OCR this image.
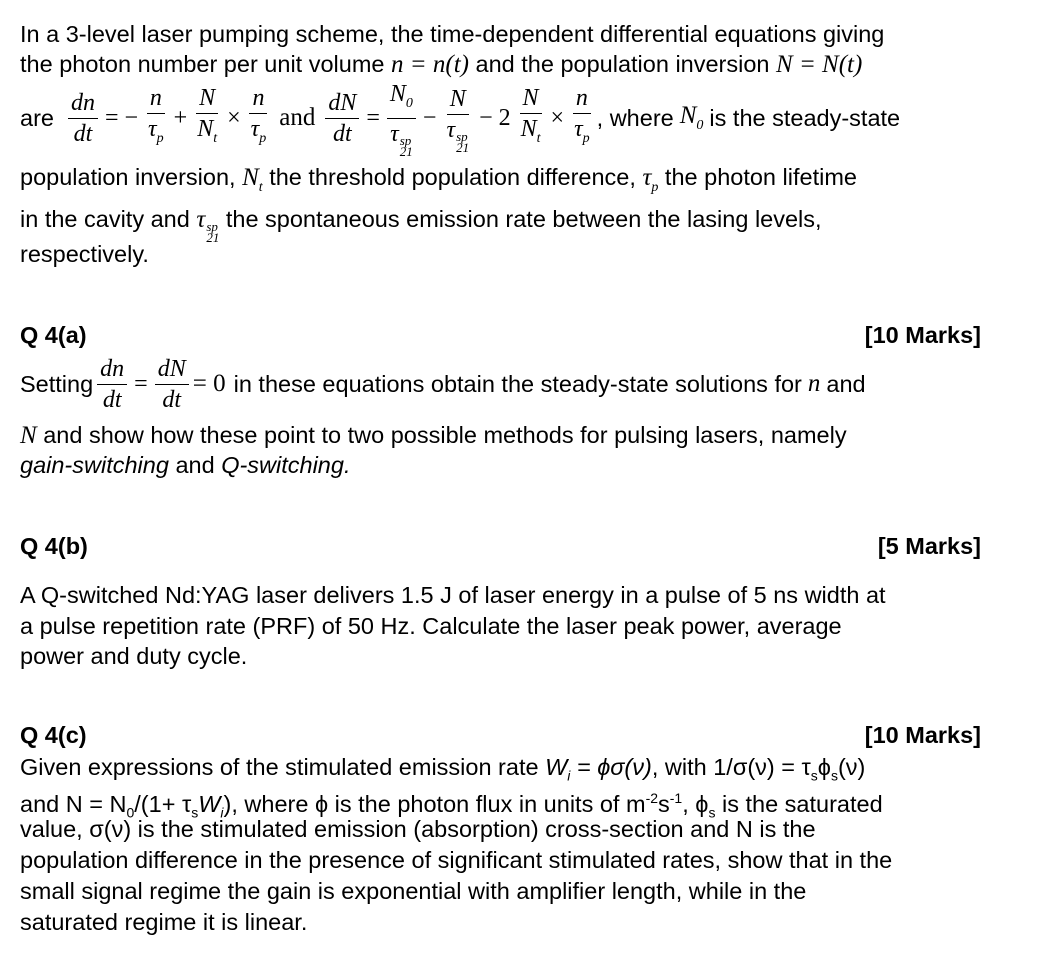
In a 3-level laser pumping scheme, the time-dependent differential equations giving
the photon number per unit volume n = n(t) and the population inversion N = N(t)
are $\frac{dn}{dt}$ = − $\frac{n}{\tau_p} + \frac{N}{N_t} \times \frac{n}{\tau_p}$ and $\frac{dN}{dt} = N_0$
τ sp
21 − N
τ sp
$21 - 2 \frac{N}{N_t} \times \frac{n}{\tau_p}$ , where $N_0$ is the steady-state
population inversion, $N_t$ the threshold population difference, $\tau_p$ the photon lifetime
in the cavity and τ sp
21
the spontaneous emission rate between the lasing levels,
respectively.
Q 4(a)	[10 Marks]
Setting $\frac{dn}{dt} = \frac{dN}{dt} = 0$ in these equations obtain the steady-state solutions for n and
N and show how these point to two possible methods for pulsing lasers, namely
gain-switching and Q-switching.
Q 4(b)	[5 Marks]
A Q-switched Nd:YAG laser delivers 1.5 J of laser energy in a pulse of 5 ns width at
a pulse repetition rate (PRF) of 50 Hz. Calculate the laser peak power, average
power and duty cycle.
Q 4(c)	[10 Marks]
Given expressions of the stimulated emission rate $W_i = \phi\sigma(\nu)$, with $1/\sigma(\nu) = \tau_s\phi_s(\nu)$
and $N = N_0/(1+ \tau_sW_i)$, where ϕ is the photon flux in units of $m^{-2}s^{-1}$, $\phi_s$ is the saturated
value, σ(ν) is the stimulated emission (absorption) cross-section and N is the
population difference in the presence of significant stimulated rates, show that in the
small signal regime the gain is exponential with amplifier length, while in the
saturated regime it is linear.
